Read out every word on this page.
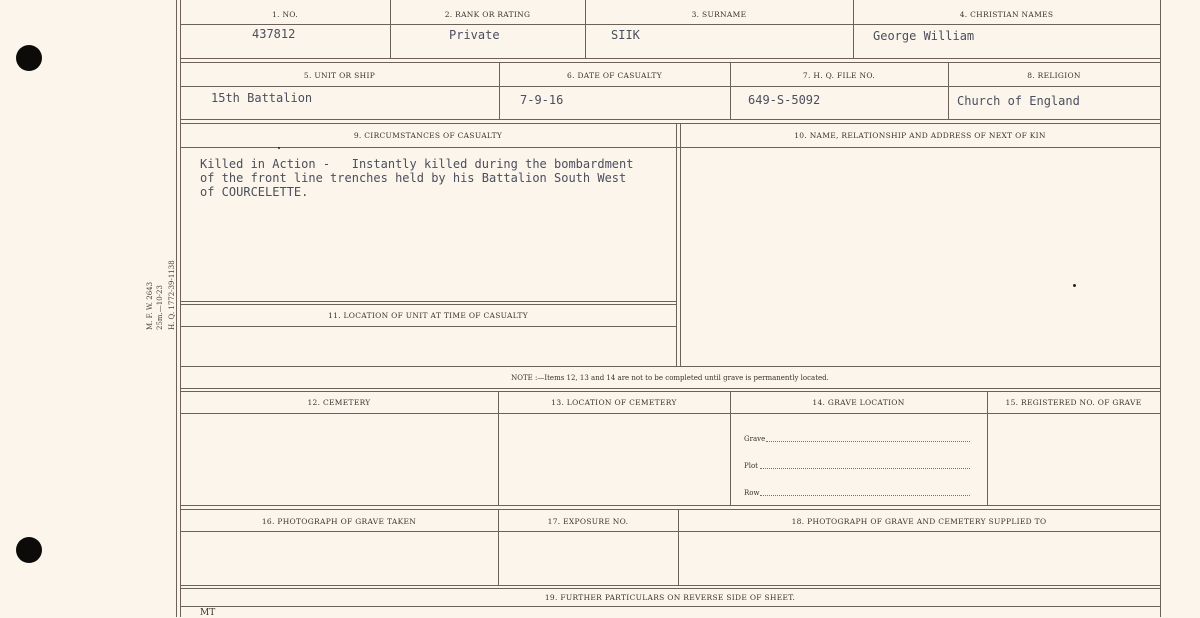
M. F. W. 2643 25m.—10-23 H. Q. 1772-39-1138
1. NO.	2. RANK OR RATING	3. SURNAME	4. CHRISTIAN NAMES
437812	Private	SIIK	George William
5. UNIT OR SHIP	6. DATE OF CASUALTY	7. H. Q. FILE NO.	8. RELIGION
15th Battalion	7-9-16	649-S-5092	Church of England
9. CIRCUMSTANCES OF CASUALTY	10. NAME, RELATIONSHIP AND ADDRESS OF NEXT OF KIN
Killed in Action -   Instantly killed during the bombardment
of the front line trenches held by his Battalion South West
of COURCELETTE.
11. LOCATION OF UNIT AT TIME OF CASUALTY
NOTE :—Items 12, 13 and 14 are not to be completed until grave is permanently located.
12. CEMETERY	13. LOCATION OF CEMETERY	14. GRAVE LOCATION	15. REGISTERED NO. OF GRAVE
Grave
Plot
Row
16. PHOTOGRAPH OF GRAVE TAKEN	17. EXPOSURE NO.	18. PHOTOGRAPH OF GRAVE AND CEMETERY SUPPLIED TO
19. FURTHER PARTICULARS ON REVERSE SIDE OF SHEET.
MT
